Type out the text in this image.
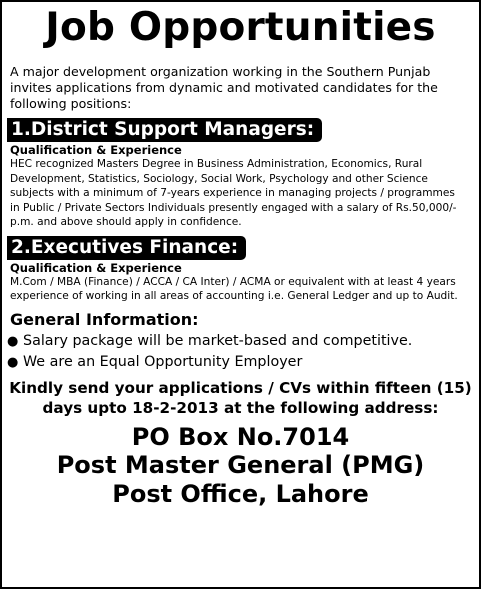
Job Opportunities
A major development organization working in the Southern Punjab invites applications from dynamic and motivated candidates for the following positions:
1.District Support Managers:
Qualification & Experience
HEC recognized Masters Degree in Business Administration, Economics, Rural Development, Statistics, Sociology, Social Work, Psychology and other Science subjects with a minimum of 7-years experience in managing projects / programmes in Public / Private Sectors Individuals presently engaged with a salary of Rs.50,000/- p.m. and above should apply in confidence.
2.Executives Finance:
Qualification & Experience
M.Com / MBA (Finance) / ACCA / CA Inter) / ACMA or equivalent with at least 4 years experience of working in all areas of accounting i.e. General Ledger and up to Audit.
General Information:
● Salary package will be market-based and competitive.
● We are an Equal Opportunity Employer
Kindly send your applications / CVs within fifteen (15) days upto 18-2-2013 at the following address:
PO Box No.7014
Post Master General (PMG)
Post Office, Lahore
